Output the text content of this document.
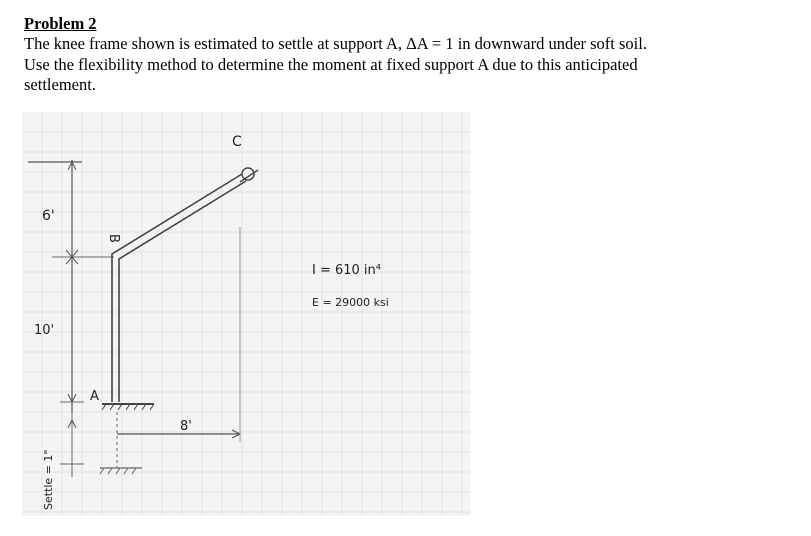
Problem 2

The knee frame shown is estimated to settle at support A, ΔA = 1 in downward under soft soil.

Use the flexibility method to determine the moment at fixed support A due to this anticipated

settlement.

C
B
A
6'
10'
8'
I = 610 in⁴
E = 29000 ksi
Settle = 1"
